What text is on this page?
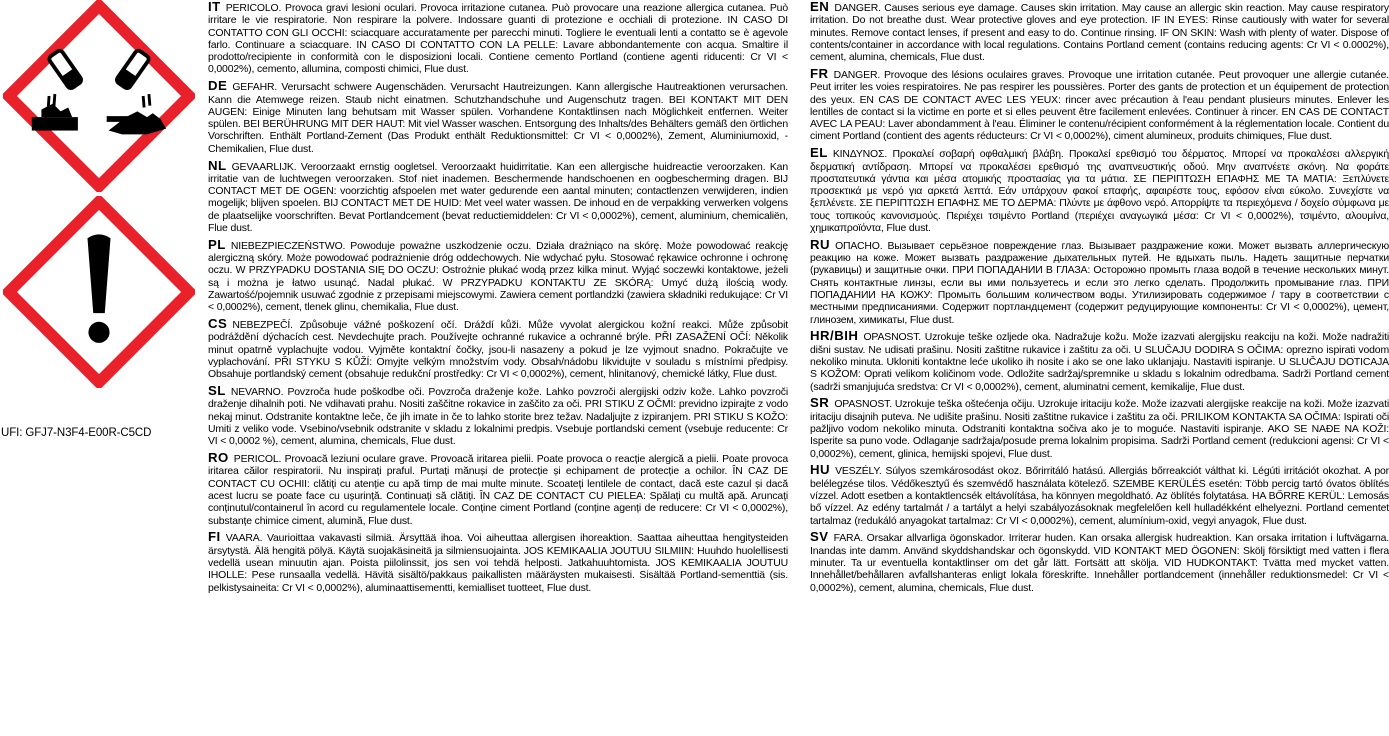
UFI: GFJ7-N3F4-E00R-C5CD

IT PERICOLO. Provoca gravi lesioni oculari. Provoca irritazione cutanea. Può provocare una reazione allergica cutanea. Può irritare le vie respiratorie. Non respirare la polvere. Indossare guanti di protezione e occhiali di protezione. IN CASO DI CONTATTO CON GLI OCCHI: sciacquare accuratamente per parecchi minuti. Togliere le eventuali lenti a contatto se è agevole farlo. Continuare a sciacquare. IN CASO DI CONTATTO CON LA PELLE: Lavare abbondantemente con acqua. Smaltire il prodotto/recipiente in conformità con le disposizioni locali. Contiene cemento Portland (contiene agenti riducenti: Cr VI < 0,0002%), cemento, allumina, composti chimici, Flue dust.

DE GEFAHR. Verursacht schwere Augenschäden. Verursacht Hautreizungen. Kann allergische Hautreaktionen verursachen. Kann die Atemwege reizen. Staub nicht einatmen. Schutzhandschuhe und Augenschutz tragen. BEI KONTAKT MIT DEN AUGEN: Einige Minuten lang behutsam mit Wasser spülen. Vorhandene Kontaktlinsen nach Möglichkeit entfernen. Weiter spülen. BEI BERÜHRUNG MIT DER HAUT: Mit viel Wasser waschen. Entsorgung des Inhalts/des Behälters gemäß den örtlichen Vorschriften. Enthält Portland-Zement (Das Produkt enthält Reduktionsmittel: Cr VI < 0,0002%), Zement, Aluminiumoxid, -Chemikalien, Flue dust.

NL GEVAARLIJK. Veroorzaakt ernstig oogletsel. Veroorzaakt huidirritatie. Kan een allergische huidreactie veroorzaken. Kan irritatie van de luchtwegen veroorzaken. Stof niet inademen. Beschermende handschoenen en oogbescherming dragen. BIJ CONTACT MET DE OGEN: voorzichtig afspoelen met water gedurende een aantal minuten; contactlenzen verwijderen, indien mogelijk; blijven spoelen. BIJ CONTACT MET DE HUID: Met veel water wassen. De inhoud en de verpakking verwerken volgens de plaatselijke voorschriften. Bevat Portlandcement (bevat reductiemiddelen: Cr VI < 0,0002%), cement, aluminium, chemicaliën, Flue dust.

PL NIEBEZPIECZEŃSTWO. Powoduje poważne uszkodzenie oczu. Działa drażniąco na skórę. Może powodować reakcję alergiczną skóry. Może powodować podrażnienie dróg oddechowych. Nie wdychać pyłu. Stosować rękawice ochronne i ochronę oczu. W PRZYPADKU DOSTANIA SIĘ DO OCZU: Ostrożnie płukać wodą przez kilka minut. Wyjąć soczewki kontaktowe, jeżeli są i można je łatwo usunąć. Nadal płukać. W PRZYPADKU KONTAKTU ZE SKÓRĄ: Umyć dużą ilością wody. Zawartość/pojemnik usuwać zgodnie z przepisami miejscowymi. Zawiera cement portlandzki (zawiera składniki redukujące: Cr VI < 0,0002%), cement, tlenek glinu, chemikalia, Flue dust.

CS NEBEZPEČÍ. Způsobuje vážné poškození očí. Dráždí kůži. Může vyvolat alergickou kožní reakci. Může způsobit podráždění dýchacích cest. Nevdechujte prach. Používejte ochranné rukavice a ochranné brýle. PŘI ZASAŽENÍ OČÍ: Několik minut opatrně vyplachujte vodou. Vyjměte kontaktní čočky, jsou-li nasazeny a pokud je lze vyjmout snadno. Pokračujte ve vyplachování. PŘI STYKU S KŮŽÍ: Omyjte velkým množstvím vody. Obsah/nádobu likvidujte v souladu s místními předpisy. Obsahuje portlandský cement (obsahuje redukční prostředky: Cr VI < 0,0002%), cement, hlinitanový, chemické látky, Flue dust.

SL NEVARNO. Povzroča hude poškodbe oči. Povzroča draženje kože. Lahko povzroči alergijski odziv kože. Lahko povzroči draženje dihalnih poti. Ne vdihavati prahu. Nositi zaščitne rokavice in zaščito za oči. PRI STIKU Z OČMI: previdno izpirajte z vodo nekaj minut. Odstranite kontaktne leče, če jih imate in če to lahko storite brez težav. Nadaljujte z izpiranjem. PRI STIKU S KOŽO: Umiti z veliko vode. Vsebino/vsebnik odstranite v skladu z lokalnimi predpis. Vsebuje portlandski cement (vsebuje reducente: Cr VI < 0,0002 %), cement, alumina, chemicals, Flue dust.

RO PERICOL. Provoacă leziuni oculare grave. Provoacă iritarea pielii. Poate provoca o reacție alergică a pielii. Poate provoca iritarea căilor respiratorii. Nu inspirați praful. Purtați mănuși de protecție și echipament de protecție a ochilor. ÎN CAZ DE CONTACT CU OCHII: clătiți cu atenție cu apă timp de mai multe minute. Scoateți lentilele de contact, dacă este cazul și dacă acest lucru se poate face cu ușurință. Continuați să clătiți. ÎN CAZ DE CONTACT CU PIELEA: Spălați cu multă apă. Aruncați conținutul/containerul în acord cu regulamentele locale. Conține ciment Portland (conține agenți de reducere: Cr VI < 0,0002%), substanțe chimice ciment, alumină, Flue dust.

FI VAARA. Vaurioittaa vakavasti silmiä. Ärsyttää ihoa. Voi aiheuttaa allergisen ihoreaktion. Saattaa aiheuttaa hengitysteiden ärsytystä. Älä hengitä pölyä. Käytä suojakäsineitä ja silmiensuojainta. JOS KEMIKAALIA JOUTUU SILMIIN: Huuhdo huolellisesti vedellä usean minuutin ajan. Poista piilolinssit, jos sen voi tehdä helposti. Jatkahuuhtomista. JOS KEMIKAALIA JOUTUU IHOLLE: Pese runsaalla vedellä. Hävitä sisältö/pakkaus paikallisten määräysten mukaisesti. Sisältää Portland-sementtiä (sis. pelkistysaineita: Cr VI < 0,0002%), aluminaattisementti, kemialliset tuotteet, Flue dust.

EN DANGER. Causes serious eye damage. Causes skin irritation. May cause an allergic skin reaction. May cause respiratory irritation. Do not breathe dust. Wear protective gloves and eye protection. IF IN EYES: Rinse cautiously with water for several minutes. Remove contact lenses, if present and easy to do. Continue rinsing. IF ON SKIN: Wash with plenty of water. Dispose of contents/container in accordance with local regulations. Contains Portland cement (contains reducing agents: Cr VI < 0.0002%), cement, alumina, chemicals, Flue dust.

FR DANGER. Provoque des lésions oculaires graves. Provoque une irritation cutanée. Peut provoquer une allergie cutanée. Peut irriter les voies respiratoires. Ne pas respirer les poussières. Porter des gants de protection et un équipement de protection des yeux. EN CAS DE CONTACT AVEC LES YEUX: rincer avec précaution à l'eau pendant plusieurs minutes. Enlever les lentilles de contact si la victime en porte et si elles peuvent être facilement enlevées. Continuer à rincer. EN CAS DE CONTACT AVEC LA PEAU: Laver abondamment à l'eau. Éliminer le contenu/récipient conformément à la réglementation locale. Contient du ciment Portland (contient des agents réducteurs: Cr VI < 0,0002%), ciment alumineux, produits chimiques, Flue dust.

EL ΚΙΝΔΥΝΟΣ. Προκαλεί σοβαρή οφθαλμική βλάβη. Προκαλεί ερεθισμό του δέρματος. Μπορεί να προκαλέσει αλλεργική δερματική αντίδραση. Μπορεί να προκαλέσει ερεθισμό της αναπνευστικής οδού. Μην αναπνέετε σκόνη. Να φοράτε προστατευτικά γάντια και μέσα ατομικής προστασίας για τα μάτια. ΣΕ ΠΕΡΙΠΤΩΣΗ ΕΠΑΦΗΣ ΜΕ ΤΑ ΜΑΤΙΑ: Ξεπλύνετε προσεκτικά με νερό για αρκετά λεπτά. Εάν υπάρχουν φακοί επαφής, αφαιρέστε τους, εφόσον είναι εύκολο. Συνεχίστε να ξεπλένετε. ΣΕ ΠΕΡΙΠΤΩΣΗ ΕΠΑΦΗΣ ΜΕ ΤΟ ΔΕΡΜΑ: Πλύντε με άφθονο νερό. Απορρίψτε τα περιεχόμενα / δοχείο σύμφωνα με τους τοπικούς κανονισμούς. Περιέχει τσιμέντο Portland (περιέχει αναγωγικά μέσα: Cr VI < 0,0002%), τσιμέντο, αλουμίνα, χημικαπροϊόντα, Flue dust.

RU ОПАСНО. Вызывает серьёзное повреждение глаз. Вызывает раздражение кожи. Может вызвать аллергическую реакцию на коже. Может вызвать раздражение дыхательных путей. Не вдыхать пыль. Надеть защитные перчатки (рукавицы) и защитные очки. ПРИ ПОПАДАНИИ В ГЛАЗА: Осторожно промыть глаза водой в течение нескольких минут. Снять контактные линзы, если вы ими пользуетесь и если это легко сделать. Продолжить промывание глаз. ПРИ ПОПАДАНИИ НА КОЖУ: Промыть большим количеством воды. Утилизировать содержимое / тару в соответствии с местными предписаниями. Содержит портландцемент (содержит редуцирующие компоненты: Cr VI < 0,0002%), цемент, глинозем, химикаты, Flue dust.

HR/BIH OPASNOST. Uzrokuje teške ozljede oka. Nadražuje kožu. Može izazvati alergijsku reakciju na koži. Može nadražiti dišni sustav. Ne udisati prašinu. Nositi zaštitne rukavice i zaštitu za oči. U SLUČAJU DODIRA S OČIMA: oprezno ispirati vodom nekoliko minuta. Ukloniti kontaktne leće ukoliko ih nosite i ako se one lako uklanjaju. Nastaviti ispiranje. U SLUČAJU DOTICAJA S KOŽOM: Oprati velikom količinom vode. Odložite sadržaj/spremnike u skladu s lokalnim odredbama. Sadrži Portland cement (sadrži smanjujuća sredstva: Cr VI < 0,0002%), cement, aluminatni cement, kemikalije, Flue dust.

SR OPASNOST. Uzrokuje teška oštećenja očiju. Uzrokuje iritaciju kože. Može izazvati alergijske reakcije na koži. Može izazvati iritaciju disajnih puteva. Ne udišite prašinu. Nositi zaštitne rukavice i zaštitu za oči. PRILIKOM KONTAKTA SA OČIMA: Ispirati oči pažljivo vodom nekoliko minuta. Odstraniti kontaktna sočiva ako je to moguće. Nastaviti ispiranje. AKO SE NAĐE NA KOŽI: Isperite sa puno vode. Odlaganje sadržaja/posude prema lokalnim propisima. Sadrži Portland cement (redukcioni agensi: Cr VI < 0,0002%), cement, glinica, hemijski spojevi, Flue dust.

HU VESZÉLY. Súlyos szemkárosodást okoz. Bőrirritáló hatású. Allergiás bőrreakciót válthat ki. Légúti irritációt okozhat. A por belélegzése tilos. Védőkesztyű és szemvédő használata kötelező. SZEMBE KERÜLÉS esetén: Több percig tartó óvatos öblítés vízzel. Adott esetben a kontaktlencsék eltávolítása, ha könnyen megoldható. Az öblítés folytatása. HA BŐRRE KERÜL: Lemosás bő vízzel. Az edény tartalmát / a tartályt a helyi szabályozásoknak megfelelően kell hulladékként elhelyezni. Portland cementet tartalmaz (redukáló anyagokat tartalmaz: Cr VI < 0,0002%), cement, alumínium-oxid, vegyi anyagok, Flue dust.

SV FARA. Orsakar allvarliga ögonskador. Irriterar huden. Kan orsaka allergisk hudreaktion. Kan orsaka irritation i luftvägarna. Inandas inte damm. Använd skyddshandskar och ögonskydd. VID KONTAKT MED ÖGONEN: Skölj försiktigt med vatten i flera minuter. Ta ur eventuella kontaktlinser om det går lätt. Fortsätt att skölja. VID HUDKONTAKT: Tvätta med mycket vatten. Innehållet/behållaren avfallshanteras enligt lokala föreskrifte. Innehåller portlandcement (innehåller reduktionsmedel: Cr VI < 0,0002%), cement, alumina, chemicals, Flue dust.
